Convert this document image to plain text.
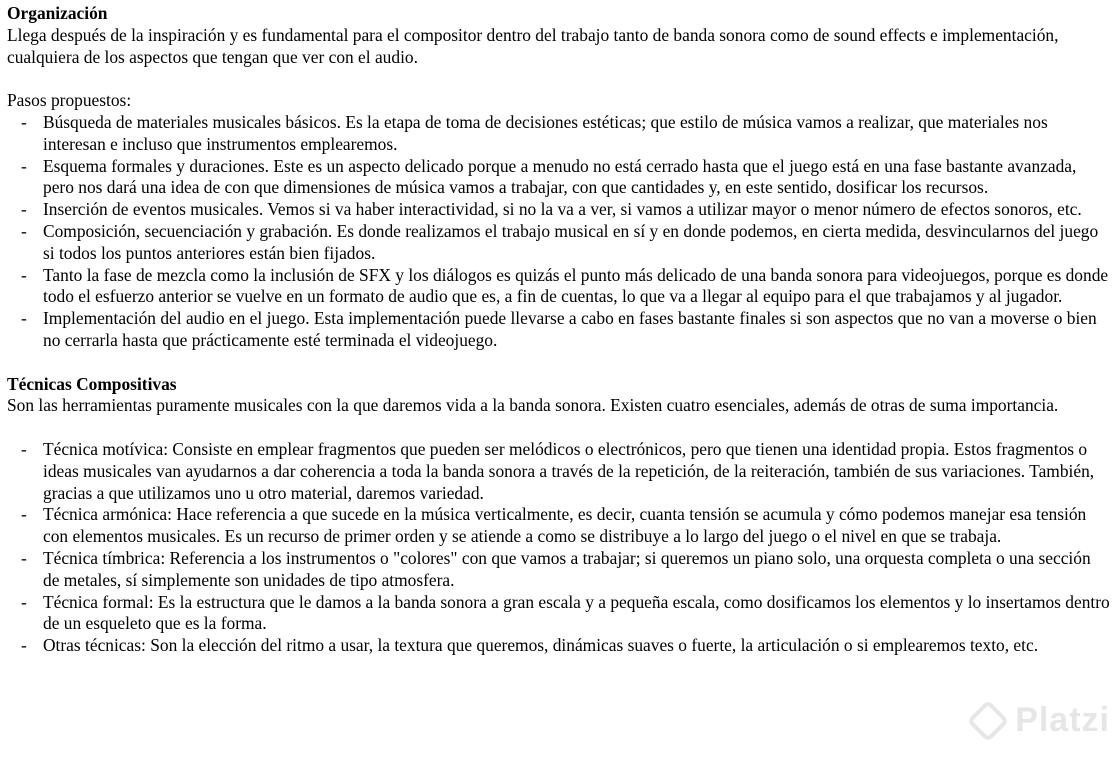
Organización

Llega después de la inspiración y es fundamental para el compositor dentro del trabajo tanto de banda sonora como de sound effects e implementación, cualquiera de los aspectos que tengan que ver con el audio.

Pasos propuestos:

- Búsqueda de materiales musicales básicos. Es la etapa de toma de decisiones estéticas; que estilo de música vamos a realizar, que materiales nos interesan e incluso que instrumentos emplearemos.
- Esquema formales y duraciones. Este es un aspecto delicado porque a menudo no está cerrado hasta que el juego está en una fase bastante avanzada, pero nos dará una idea de con que dimensiones de música vamos a trabajar, con que cantidades y, en este sentido, dosificar los recursos.
- Inserción de eventos musicales. Vemos si va haber interactividad, si no la va a ver, si vamos a utilizar mayor o menor número de efectos sonoros, etc.
- Composición, secuenciación y grabación. Es donde realizamos el trabajo musical en sí y en donde podemos, en cierta medida, desvincularnos del juego si todos los puntos anteriores están bien fijados.
- Tanto la fase de mezcla como la inclusión de SFX y los diálogos es quizás el punto más delicado de una banda sonora para videojuegos, porque es donde todo el esfuerzo anterior se vuelve en un formato de audio que es, a fin de cuentas, lo que va a llegar al equipo para el que trabajamos y al jugador.
- Implementación del audio en el juego. Esta implementación puede llevarse a cabo en fases bastante finales si son aspectos que no van a moverse o bien no cerrarla hasta que prácticamente esté terminada el videojuego.
Técnicas Compositivas

Son las herramientas puramente musicales con la que daremos vida a la banda sonora. Existen cuatro esenciales, además de otras de suma importancia.

- Técnica motívica: Consiste en emplear fragmentos que pueden ser melódicos o electrónicos, pero que tienen una identidad propia. Estos fragmentos o ideas musicales van ayudarnos a dar coherencia a toda la banda sonora a través de la repetición, de la reiteración, también de sus variaciones. También, gracias a que utilizamos uno u otro material, daremos variedad.
- Técnica armónica: Hace referencia a que sucede en la música verticalmente, es decir, cuanta tensión se acumula y cómo podemos manejar esa tensión con elementos musicales. Es un recurso de primer orden y se atiende a como se distribuye a lo largo del juego o el nivel en que se trabaja.
- Técnica tímbrica: Referencia a los instrumentos o "colores" con que vamos a trabajar; si queremos un piano solo, una orquesta completa o una sección de metales, sí simplemente son unidades de tipo atmosfera.
- Técnica formal: Es la estructura que le damos a la banda sonora a gran escala y a pequeña escala, como dosificamos los elementos y lo insertamos dentro de un esqueleto que es la forma.
- Otras técnicas: Son la elección del ritmo a usar, la textura que queremos, dinámicas suaves o fuerte, la articulación o si emplearemos texto, etc.
Platzi
